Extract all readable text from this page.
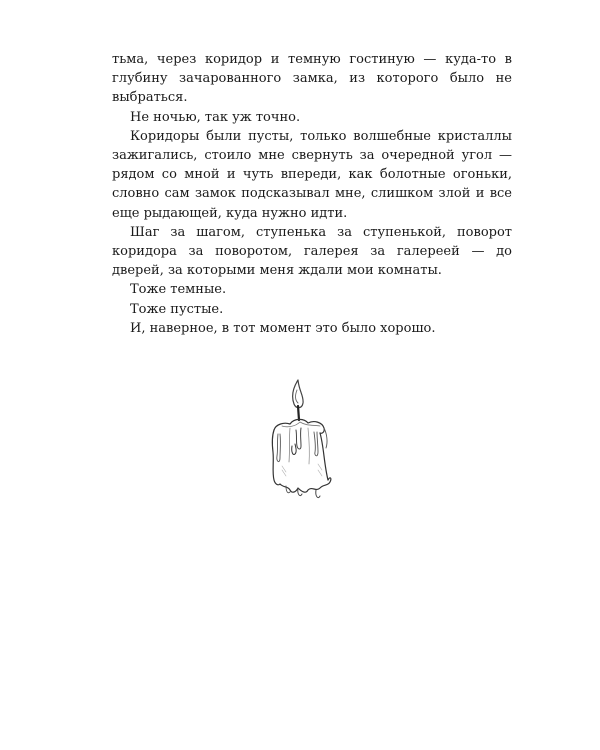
тьма, через коридор и темную гостиную — куда-то в глубину зачарованного замка, из которого было не выбраться.

Не ночью, так уж точно.

Коридоры были пусты, только волшебные кристаллы зажигались, стоило мне свернуть за очередной угол — рядом со мной и чуть впереди, как болотные огоньки, словно сам замок подсказывал мне, слишком злой и все еще рыдающей, куда нужно идти.

Шаг за шагом, ступенька за ступенькой, поворот коридора за поворотом, галерея за галереей — до дверей, за которыми меня ждали мои комнаты.

Тоже темные.

Тоже пустые.

И, наверное, в тот момент это было хорошо.
